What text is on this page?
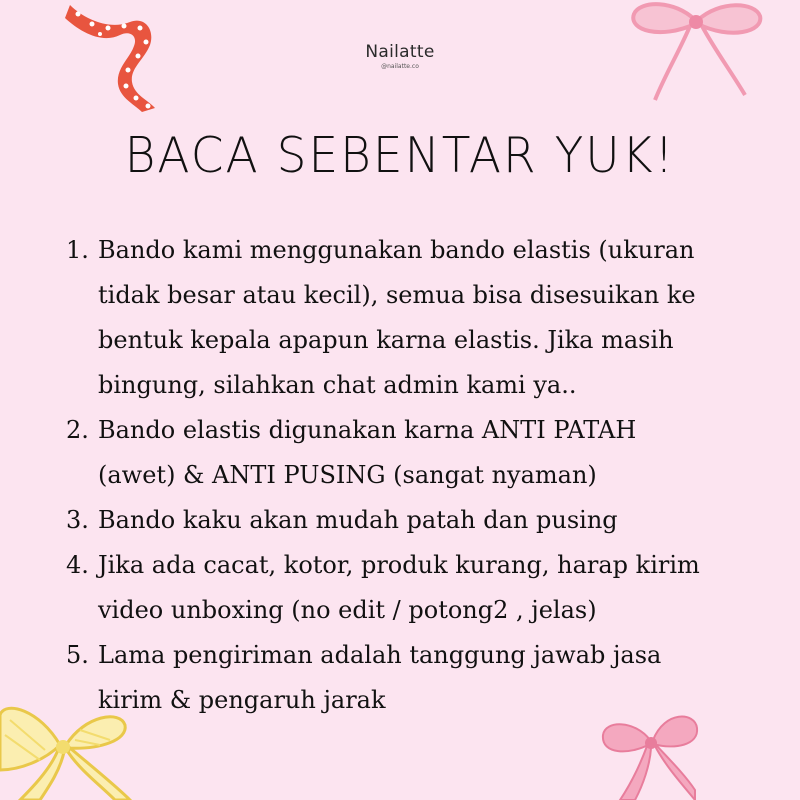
Nailatte
@nailatte.co
BACA SEBENTAR YUK!
1. Bando kami menggunakan bando elastis (ukuran
tidak besar atau kecil), semua bisa disesuikan ke
bentuk kepala apapun karna elastis. Jika masih
bingung, silahkan chat admin kami ya..
2. Bando elastis digunakan karna ANTI PATAH
(awet) & ANTI PUSING (sangat nyaman)
3. Bando kaku akan mudah patah dan pusing
4. Jika ada cacat, kotor, produk kurang, harap kirim
video unboxing (no edit / potong2 , jelas)
5. Lama pengiriman adalah tanggung jawab jasa
kirim & pengaruh jarak
